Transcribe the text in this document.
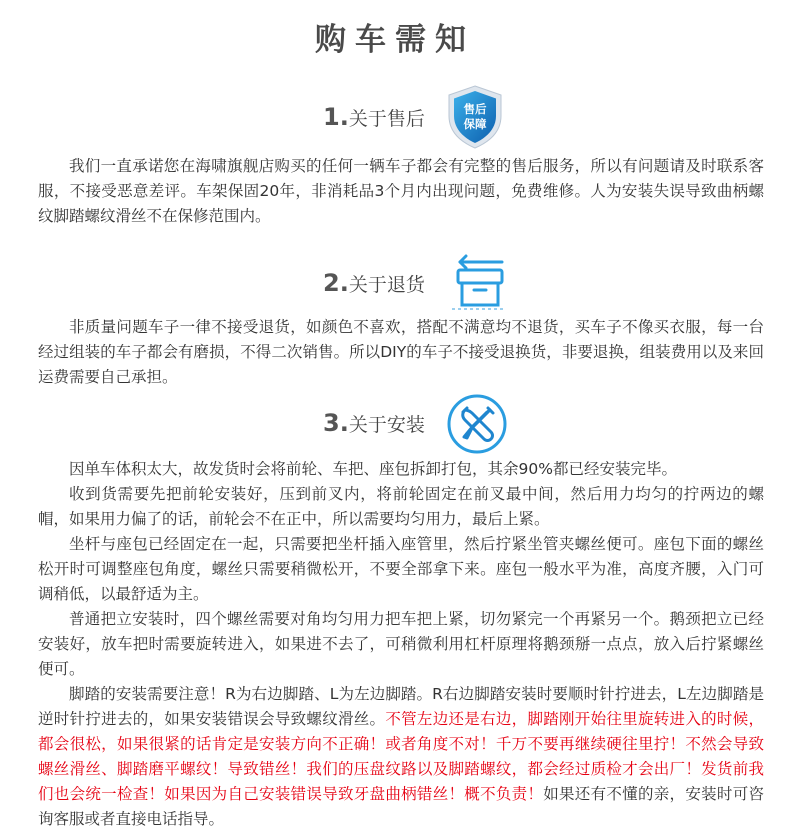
购车需知
1.关于售后	售后
保障

我们一直承诺您在海啸旗舰店购买的任何一辆车子都会有完整的售后服务，所以有问题请及时联系客服，不接受恶意差评。车架保固20年，非消耗品3个月内出现问题，免费维修。人为安装失误导致曲柄螺纹脚踏螺纹滑丝不在保修范围内。

2.关于退货

非质量问题车子一律不接受退货，如颜色不喜欢，搭配不满意均不退货，买车子不像买衣服，每一台经过组装的车子都会有磨损，不得二次销售。所以DIY的车子不接受退换货，非要退换，组装费用以及来回运费需要自己承担。

3.关于安装

因单车体积太大，故发货时会将前轮、车把、座包拆卸打包，其余90%都已经安装完毕。

收到货需要先把前轮安装好，压到前叉内，将前轮固定在前叉最中间，然后用力均匀的拧两边的螺帽，如果用力偏了的话，前轮会不在正中，所以需要均匀用力，最后上紧。

坐杆与座包已经固定在一起，只需要把坐杆插入座管里，然后拧紧坐管夹螺丝便可。座包下面的螺丝松开时可调整座包角度，螺丝只需要稍微松开，不要全部拿下来。座包一般水平为准，高度齐腰，入门可调稍低，以最舒适为主。

普通把立安装时，四个螺丝需要对角均匀用力把车把上紧，切勿紧完一个再紧另一个。鹅颈把立已经安装好，放车把时需要旋转进入，如果进不去了，可稍微利用杠杆原理将鹅颈掰一点点，放入后拧紧螺丝便可。

脚踏的安装需要注意！R为右边脚踏、L为左边脚踏。R右边脚踏安装时要顺时针拧进去，L左边脚踏是逆时针拧进去的，如果安装错误会导致螺纹滑丝。不管左边还是右边，脚踏刚开始往里旋转进入的时候，都会很松，如果很紧的话肯定是安装方向不正确！或者角度不对！千万不要再继续硬往里拧！不然会导致螺丝滑丝、脚踏磨平螺纹！导致错丝！我们的压盘纹路以及脚踏螺纹，都会经过质检才会出厂！发货前我们也会统一检查！如果因为自己安装错误导致牙盘曲柄错丝！概不负责！如果还有不懂的亲，安装时可咨询客服或者直接电话指导。
